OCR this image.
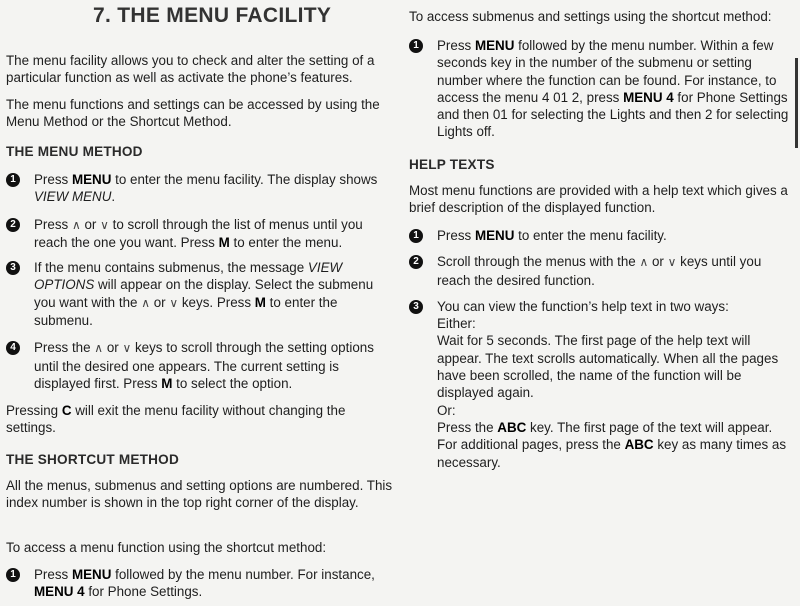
7. THE MENU FACILITY

The menu facility allows you to check and alter the setting of a particular function as well as activate the phone’s features.

The menu functions and settings can be accessed by using the Menu Method or the Shortcut Method.

THE MENU METHOD
1	Press MENU to enter the menu facility. The display shows VIEW MENU.
2	Press ∧ or ∨ to scroll through the list of menus until you reach the one you want. Press M to enter the menu.
3	If the menu contains submenus, the message VIEW OPTIONS will appear on the display. Select the submenu you want with the ∧ or ∨ keys. Press M to enter the submenu.
4	Press the ∧ or ∨ keys to scroll through the setting options until the desired one appears. The current setting is displayed first. Press M to select the option.

Pressing C will exit the menu facility without changing the settings.

THE SHORTCUT METHOD

All the menus, submenus and setting options are numbered. This index number is shown in the top right corner of the display.

To access a menu function using the shortcut method:

1	Press MENU followed by the menu number. For instance, MENU 4 for Phone Settings.

To access submenus and settings using the shortcut method:

1	Press MENU followed by the menu number. Within a few seconds key in the number of the submenu or setting number where the function can be found. For instance, to access the menu 4 01 2, press MENU 4 for Phone Settings and then 01 for selecting the Lights and then 2 for selecting Lights off.
HELP TEXTS

Most menu functions are provided with a help text which gives a brief description of the displayed function.

1	Press MENU to enter the menu facility.
2	Scroll through the menus with the ∧ or ∨ keys until you reach the desired function.
3	You can view the function’s help text in two ways:
Either:
Wait for 5 seconds. The first page of the help text will appear. The text scrolls automatically. When all the pages have been scrolled, the name of the function will be displayed again.
Or:
Press the ABC key. The first page of the text will appear. For additional pages, press the ABC key as many times as necessary.
